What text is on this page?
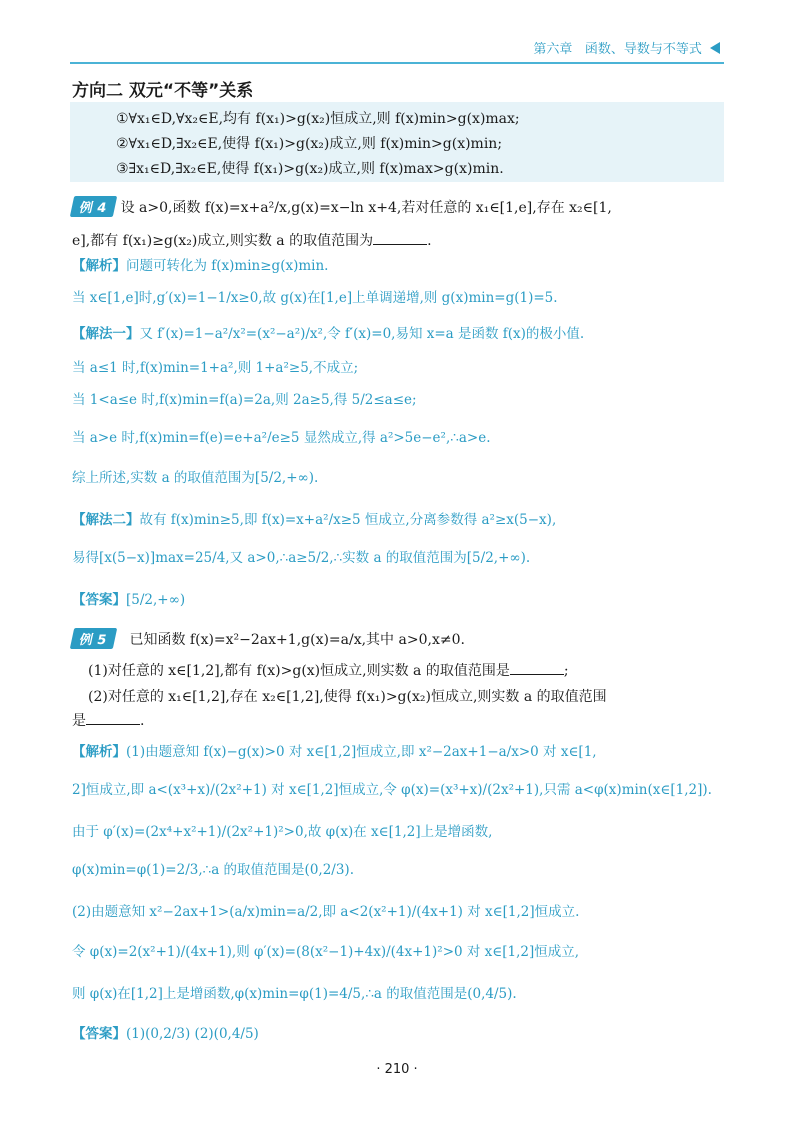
第六章 函数、导数与不等式
方向二 双元“不等”关系
①∀x₁∈D,∀x₂∈E,均有 f(x₁)>g(x₂)恒成立,则 f(x)min>g(x)max;
②∀x₁∈D,∃x₂∈E,使得 f(x₁)>g(x₂)成立,则 f(x)min>g(x)min;
③∃x₁∈D,∃x₂∈E,使得 f(x₁)>g(x₂)成立,则 f(x)max>g(x)min.
例 4 设 a>0,函数 f(x)=x+a²/x,g(x)=x−ln x+4,若对任意的 x₁∈[1,e],存在 x₂∈[1,
e],都有 f(x₁)≥g(x₂)成立,则实数 a 的取值范围为	.
【解析】问题可转化为 f(x)min≥g(x)min.
当 x∈[1,e]时,g′(x)=1−1/x≥0,故 g(x)在[1,e]上单调递增,则 g(x)min=g(1)=5.
【解法一】又 f′(x)=1−a²/x²=(x²−a²)/x²,令 f′(x)=0,易知 x=a 是函数 f(x)的极小值.
当 a≤1 时,f(x)min=1+a²,则 1+a²≥5,不成立;
当 1<a≤e 时,f(x)min=f(a)=2a,则 2a≥5,得 5/2≤a≤e;
当 a>e 时,f(x)min=f(e)=e+a²/e≥5 显然成立,得 a²>5e−e²,∴a>e.
综上所述,实数 a 的取值范围为[5/2,+∞).
【解法二】故有 f(x)min≥5,即 f(x)=x+a²/x≥5 恒成立,分离参数得 a²≥x(5−x),
易得[x(5−x)]max=25/4,又 a>0,∴a≥5/2,∴实数 a 的取值范围为[5/2,+∞).
【答案】[5/2,+∞)
例 5 已知函数 f(x)=x²−2ax+1,g(x)=a/x,其中 a>0,x≠0.
(1)对任意的 x∈[1,2],都有 f(x)>g(x)恒成立,则实数 a 的取值范围是	;
(2)对任意的 x₁∈[1,2],存在 x₂∈[1,2],使得 f(x₁)>g(x₂)恒成立,则实数 a 的取值范围
是	.
【解析】(1)由题意知 f(x)−g(x)>0 对 x∈[1,2]恒成立,即 x²−2ax+1−a/x>0 对 x∈[1,
2]恒成立,即 a<(x³+x)/(2x²+1) 对 x∈[1,2]恒成立,令 φ(x)=(x³+x)/(2x²+1),只需 a<φ(x)min(x∈[1,2]).
由于 φ′(x)=(2x⁴+x²+1)/(2x²+1)²>0,故 φ(x)在 x∈[1,2]上是增函数,
φ(x)min=φ(1)=2/3,∴a 的取值范围是(0,2/3).
(2)由题意知 x²−2ax+1>(a/x)min=a/2,即 a<2(x²+1)/(4x+1) 对 x∈[1,2]恒成立.
令 φ(x)=2(x²+1)/(4x+1),则 φ′(x)=(8(x²−1)+4x)/(4x+1)²>0 对 x∈[1,2]恒成立,
则 φ(x)在[1,2]上是增函数,φ(x)min=φ(1)=4/5,∴a 的取值范围是(0,4/5).
【答案】(1)(0,2/3) (2)(0,4/5)
· 210 ·
